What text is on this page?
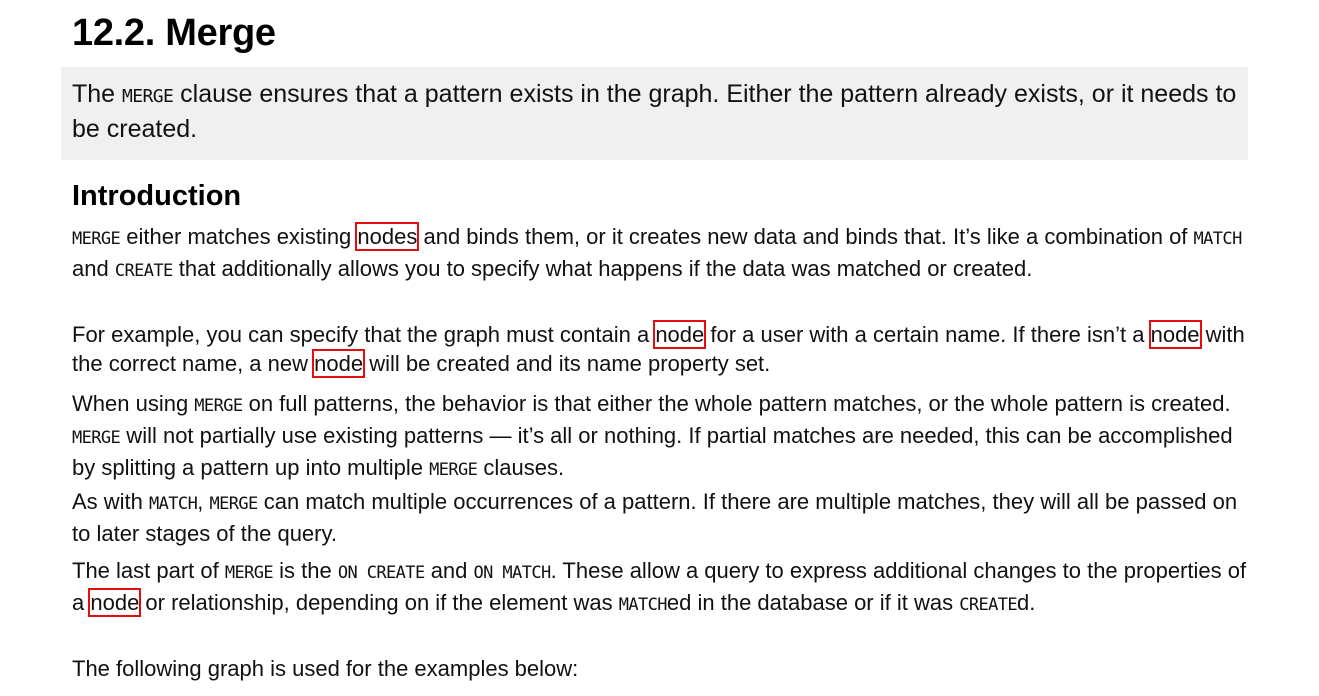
12.2. Merge
The MERGE clause ensures that a pattern exists in the graph. Either the pattern already exists, or it needs to be created.
Introduction
MERGE either matches existing nodes and binds them, or it creates new data and binds that. It’s like a combination of MATCH and CREATE that additionally allows you to specify what happens if the data was matched or created.
For example, you can specify that the graph must contain a node for a user with a certain name. If there isn’t a node with the correct name, a new node will be created and its name property set.
When using MERGE on full patterns, the behavior is that either the whole pattern matches, or the whole pattern is created. MERGE will not partially use existing patterns — it’s all or nothing. If partial matches are needed, this can be accomplished by splitting a pattern up into multiple MERGE clauses.
As with MATCH, MERGE can match multiple occurrences of a pattern. If there are multiple matches, they will all be passed on to later stages of the query.
The last part of MERGE is the ON CREATE and ON MATCH. These allow a query to express additional changes to the properties of a node or relationship, depending on if the element was MATCHed in the database or if it was CREATEd.
The following graph is used for the examples below:
